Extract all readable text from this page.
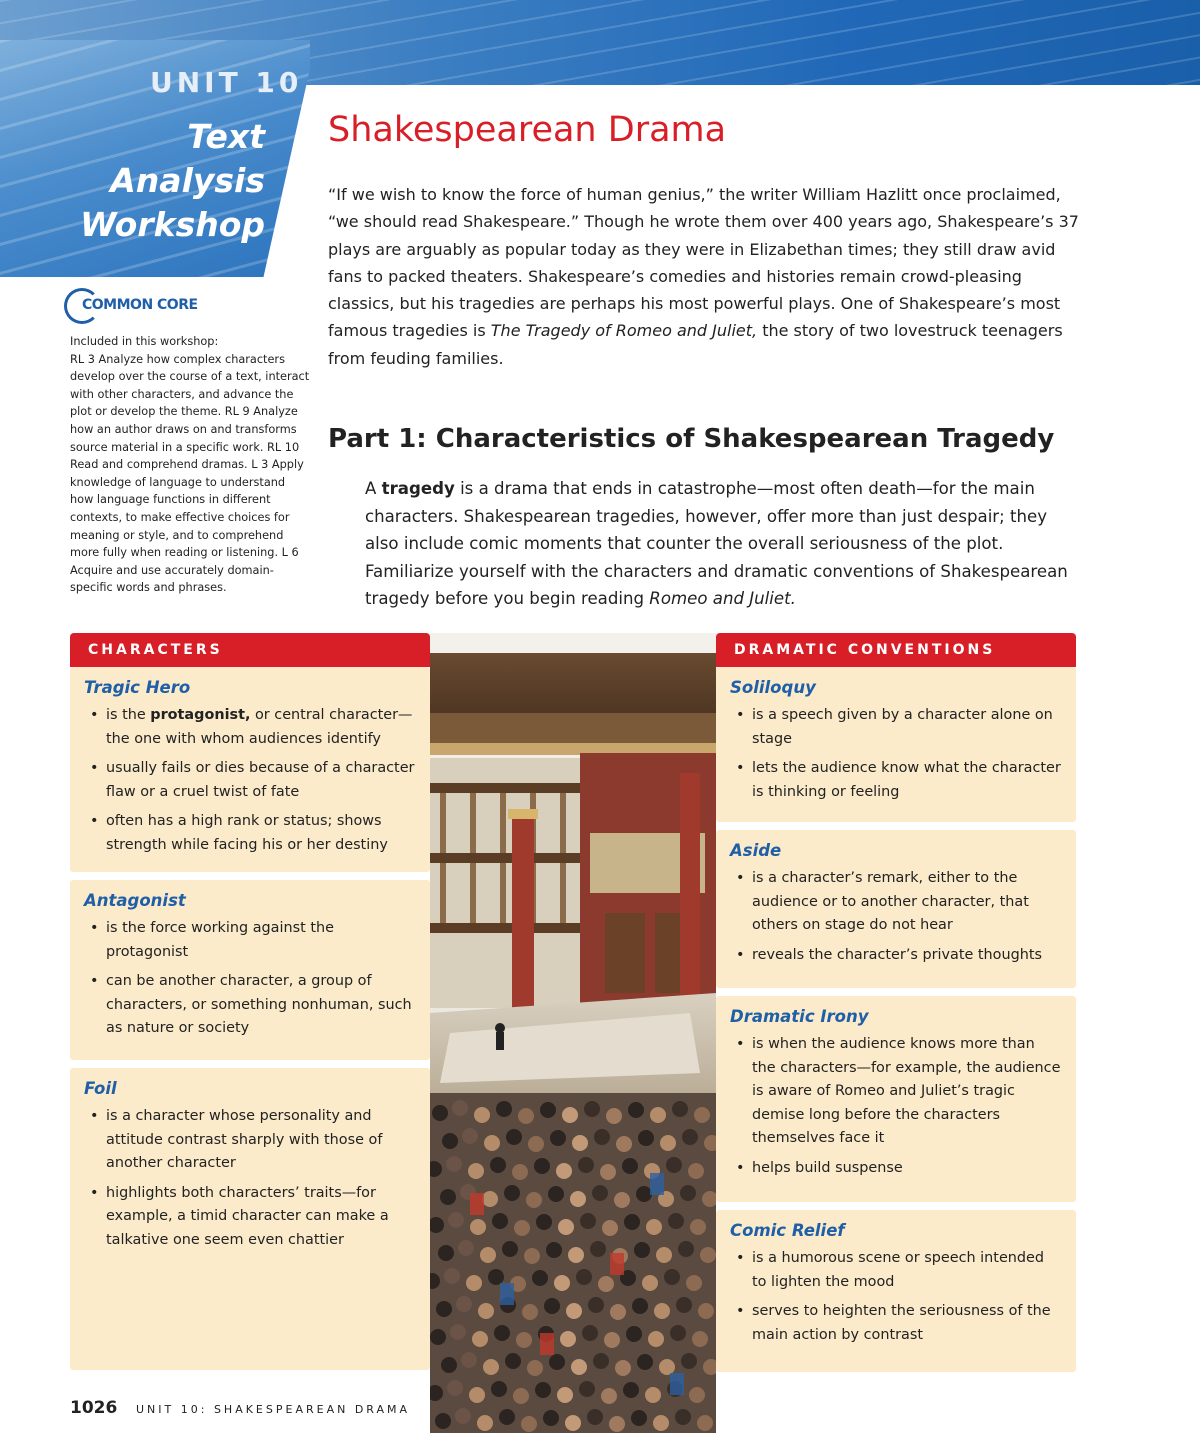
UNIT 10
Text
Analysis
Workshop
COMMON CORE
Included in this workshop:
RL 3 Analyze how complex characters develop over the course of a text, interact with other characters, and advance the plot or develop the theme. RL 9 Analyze how an author draws on and transforms source material in a specific work. RL 10 Read and comprehend dramas. L 3 Apply knowledge of language to understand how language functions in different contexts, to make effective choices for meaning or style, and to comprehend more fully when reading or listening. L 6 Acquire and use accurately domain-specific words and phrases.
Shakespearean Drama
“If we wish to know the force of human genius,” the writer William Hazlitt once proclaimed, “we should read Shakespeare.” Though he wrote them over 400 years ago, Shakespeare’s 37 plays are arguably as popular today as they were in Elizabethan times; they still draw avid fans to packed theaters. Shakespeare’s comedies and histories remain crowd-pleasing classics, but his tragedies are perhaps his most powerful plays. One of Shakespeare’s most famous tragedies is The Tragedy of Romeo and Juliet, the story of two lovestruck teenagers from feuding families.
Part 1: Characteristics of Shakespearean Tragedy
A tragedy is a drama that ends in catastrophe—most often death—for the main characters. Shakespearean tragedies, however, offer more than just despair; they also include comic moments that counter the overall seriousness of the plot. Familiarize yourself with the characters and dramatic conventions of Shakespearean tragedy before you begin reading Romeo and Juliet.
CHARACTERS
Tragic Hero
• is the protagonist, or central character—the one with whom audiences identify
• usually fails or dies because of a character flaw or a cruel twist of fate
• often has a high rank or status; shows strength while facing his or her destiny
Antagonist
• is the force working against the protagonist
• can be another character, a group of characters, or something nonhuman, such as nature or society
Foil
• is a character whose personality and attitude contrast sharply with those of another character
• highlights both characters’ traits—for example, a timid character can make a talkative one seem even chattier
DRAMATIC CONVENTIONS
Soliloquy
• is a speech given by a character alone on stage
• lets the audience know what the character is thinking or feeling
Aside
• is a character’s remark, either to the audience or to another character, that others on stage do not hear
• reveals the character’s private thoughts
Dramatic Irony
• is when the audience knows more than the characters—for example, the audience is aware of Romeo and Juliet’s tragic demise long before the characters themselves face it
• helps build suspense
Comic Relief
• is a humorous scene or speech intended to lighten the mood
• serves to heighten the seriousness of the main action by contrast
1026 UNIT 10: SHAKESPEAREAN DRAMA
